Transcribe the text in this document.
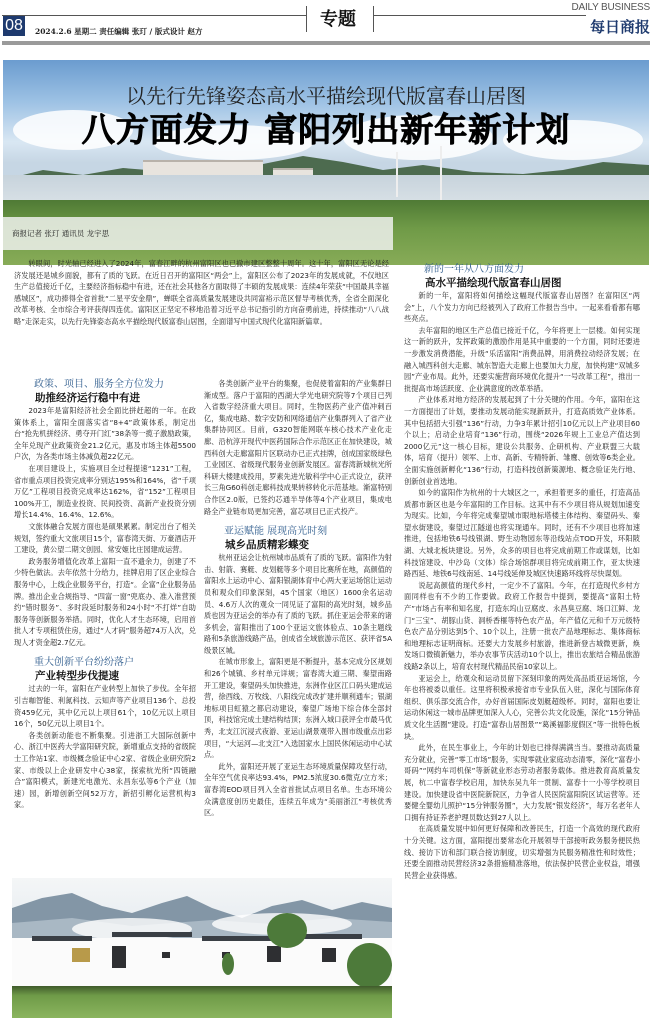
08 2024.2.6 星期二 责任编辑 张玎 / 版式设计 赵方
专题
DAILY BUSINESS
每日商报
以先行先锋姿态高水平描绘现代版富春山居图
八方面发力 富阳列出新年新计划
商报记者 张玎 通讯员 龙宇思

转眼间，时光轴已经进入了2024年，富春江畔的杭州富阳区也已撤市建区整整十周年。这十年，富阳区无论是经济发展还是城乡面貌，都有了质的飞跃。在近日召开的富阳区“两会”上，富阳区公布了2023年的发展成就，不仅地区生产总值接近千亿，主要经济指标稳中有进，还在社会其他各方面取得了丰硕的发展成果：连续4年荣获“中国最具幸福感城区”，成功捧得全省首批“二星平安金鼎”，蝉联全省高质量发展建设共同富裕示范区督导考核优秀，全省全面深化改革考核、全市综合考评获得四连优。富阳区正坚定不移地沿着习近平总书记指引的方向奋勇前进，持续推动“八八战略”走深走实，以先行先锋姿态高水平描绘现代版富春山居图，全面谱写中国式现代化富阳新篇章。

政策、项目、服务全方位发力

助推经济运行稳中有进

2023年是富阳经济社会全面比拼赶超的一年。在政策体系上，富阳全面落实省“8+4”政策体系，制定出台“抢先机拼经济、勇夺开门红”38条等一揽子激励政策，全年兑现产业政策资金21.2亿元，惠及市场主体超5500户次，为各类市场主体减负超22亿元。

在项目建设上，实施项目全过程提速“1231”工程，省市重点项目投资完成率分别达195%和164%，省“千项万亿”工程项目投资完成率达162%，省“152”工程项目100%开工，制造业投资、民间投资、高新产业投资分别增长14.4%、16.4%、12.6%。

文旅体融合发展方面也是硕果累累。制定出台了相关规划，签约重大文旅项目15个，富春湾天街、万豪酒店开工建设，黄公望二期文创园、常安姬比庄园建成运营。

政务服务增值化改革上富阳一直不遗余力，创建了不少特色做法。去年依然十分给力，挂牌启用了区企业综合服务中心，上线企业服务平台，打造“。企富”企业服务品牌。推出企业合规指导、“四富一窗”兜底办、准入准营预约“错时服务”、多时段延时服务和24小时“不打烊”自助服务等创新服务举措。同时，优化人才生态环境，启用首批人才专项租赁住房，通过“人才码”服务超74万人次，兑现人才资金超2.7亿元。

重大创新平台纷纷落户

产业转型步伐提速

过去的一年，富阳在产业转型上加快了步伐。全年招引吉咖智能、利氮科技、云知声等产业项目136个、总投资459亿元，其中亿元以上项目61个，10亿元以上项目16个，50亿元以上项目1个。

各类创新动能也不断集聚。引进浙工大国际创新中心、浙江中医药大学富阳研究院，新增重点支持的省级院士工作站1家、市级概念验证中心2家、省级企业研究院2家、市级以上企业研发中心38家，探索杭光所“四链融合”富阳模式，新建光电激光、永昌东弘等6个产业（加速）园，新增创新空间52万方，新招引孵化运营机构3家。

各类创新产业平台的集聚，也促使着富阳的产业集群日渐成型。落户于富阳的西湖大学光电研究院等7个项目已列入省数字经济重大项目。同时，生物医药产业产值冲刺百亿，集成电路、数字安防和网络通信产业集群列入了省产业集群协同区。目前，G320智能网联车核心技术产业化走廊、沿杭淳开现代中医药国际合作示范区正在加快建设，城西科创大走廊富阳片区联动办已正式挂牌，创成国家级绿色工业园区、省级现代服务业创新发展区。富春湾新城杭光所科研大楼建成投用，罗素先进光敏科学中心正式设立，获评长三角G60科创走廊科技成果转移转化示范基地。渐富特别合作区2.0版，已签约芯通半导体等4个产业项目，集成电路全产业链布局更加完善，富芯项目已正式投产。

亚运赋能 展现高光时刻

城乡品质精彩蝶变

杭州亚运会让杭州城市品质有了质的飞跃。富阳作为射击、射箭、赛艇、皮划艇等多个项目比赛所在地，高颜值的富阳水上运动中心、富阳银湖体育中心两大亚运场馆让运动员和观众们印象深刻，45个国家（地区）1600余名运动员、4.6万人次的观众一同见证了富阳的高光时刻，城乡品质也因为亚运会的举办有了质的飞跃。抓住亚运会带来的诸多机会，富阳推出了100个亚运文旅体验点、10条主题线路和5条旅游线路产品，创成省全域旅游示范区、获评省5A级景区城。

在城市形象上，富阳更是不断提升，基本完成分区规划和26个城镇、乡村单元详规；富春湾大道三期、秦望南路开工建设，秦望码头加快推进，东洲作业区江口码头建成运营，徐西线、万牧线、八阳线完成改扩建并顺利通车；银湖地标项目虹猿之都启动建设，秦望广场地下综合体全部封顶，科技馆完成土建结构结顶；东洲入城口获评全市最马优秀，北支江沉浸式夜游、亚运山湖景观带入围市级重点出彩项目，“大运河—北支江”入选国家水上国民休闲运动中心试点。

此外，富阳还开展了亚运生态环境质量保障攻坚行动，全年空气优良率达93.4%，PM2.5浓度30.6微克/立方米；富春湾EOD项目列入全省首批试点项目名单。生态环境公众满意度创历史最佳，连续五年成为“美丽浙江”考核优秀区。

新的一年从八方面发力

高水平描绘现代版富春山居图

新的一年，富阳将如何描绘这幅现代版富春山居图？在富阳区“两会”上，八个发力方向已经被列入了政府工作报告当中。一起来看看都有哪些亮点。

去年富阳的地区生产总值已接近千亿，今年将更上一层楼。如何实现这一新的跃升，发挥政策的激励作用是其中重要的一个方面，同时还要进一步激发消费潜能，升级“乐活富阳”消费品牌，用消费拉动经济发展；在融入城西科创大走廊、城东智造大走廊上也要加大力度，加快构建“双城多园”产业布局。此外，还要实施营商环境优化提升“一号改革工程”，推出一批提高市场活跃度、企业满意度的改革举措。

产业体系对地方经济的发展起到了十分关键的作用。今年，富阳在这一方面提出了计划，要推动发展动能实现新跃升，打造高质效产业体系。其中包括招大引强“136”行动，力争3年累计招引10亿元以上产业项目60个以上；启动企业培育“136”行动，围绕“2026年规上工业总产值达到2000亿元”这一核心目标，建设公共服务、企研机构、产业联盟三大载体，培育（提升）领军、上市、高新、专精特新、雏鹰、创效等6类企业。全面实施创新孵化“136”行动，打造科技创新策源地、概念验证先行地、创新创业首选地。

如今的富阳作为杭州的十大城区之一，承担着更多的重任，打造高品质都市新区也是今年富阳的工作目标。这其中有不少项目将从规划加速变为现实。比如，今年将完成秦望城市眼地标塔楼主体结构、秦望码头、秦望水街建设，秦望过江隧道也将实现通车。同时，还有不少项目也将加速推进，包括地铁6号线银湖、野生动物园东等沿线站点TOD开发，环阳陂湖、大城北板块建设。另外，众多的项目也将完成前期工作或谋划，比如科技馆建设、中沙岛（文体）综合场馆群项目将完成前期工作，亚太快速路西延、地铁6号线南延、14号线延伸及城区快速路环线将尽快谋划。

说起高颜值的现代乡村，一定少不了富阳。今年，在打造现代乡村方面同样也有不少的工作要做。政府工作报告中提到，要提高“富阳土特产”市场占有率和知名度，打造东坞山豆腐皮、永昌臭豆腐、场口江鲜、龙门“三宝”、胡豚山货、洞桥香榧等特色农产品，年产值亿元和千万元级特色农产品分别达到5个、10个以上，注册一批农产品地理标志、集体商标和地理标志证明商标。还要大力发展乡村旅游，推进新登古城微更新，焕发场口微镇新魅力，举办农事节庆活动10个以上，推出农旅结合精品旅游线路2条以上，培育农村现代精品民宿10家以上。

亚运会上，给观众和运动员留下深刻印象的两处高品质亚运场馆，今年也将被委以重任。这里将积极承接省市专业队伍入驻，深化与国际体育组织、俱乐部交流合作，办好首届国际皮划艇超级杯。同时，富阳也要让运动休闲这一城市品牌更加深入人心，完善公共文化设施，深化“15分钟品质文化生活圈”建设。打造“富春山居图景”“葛溪福影度假区”等一批特色板块。

此外，在民生事业上，今年的计划也已排得满满当当。要推动高质量充分就业，完善“零工市场”服务，实现零就业家庭动态清零，深化“富春小哥码”“网约车司机保”等新就业形态劳动者服务载体。推进教育高质量发展，杭二中富春学校启用，加快东吴九年一贯制、富春十一小等学校项目建设。加快建设省中医院新院区，力争省人民医院富阳院区试运营等。还要健全婴幼儿照护“15分钟服务圈”，大力发展“银发经济”，每万名老年人口拥有持证养老护理员数达到27人以上。

在高质量发展中如何更好保障和改善民生，打造一个高效的现代政府十分关键。这方面，富阳提出要常态化开展领导干部接听政务服务便民热线、接访下访和部门联合接访制度，切实增强为民服务精准性和时效性；还要全面推动民营经济32条措施精准落地，依法保护民营企业权益，增强民营企业获得感。
